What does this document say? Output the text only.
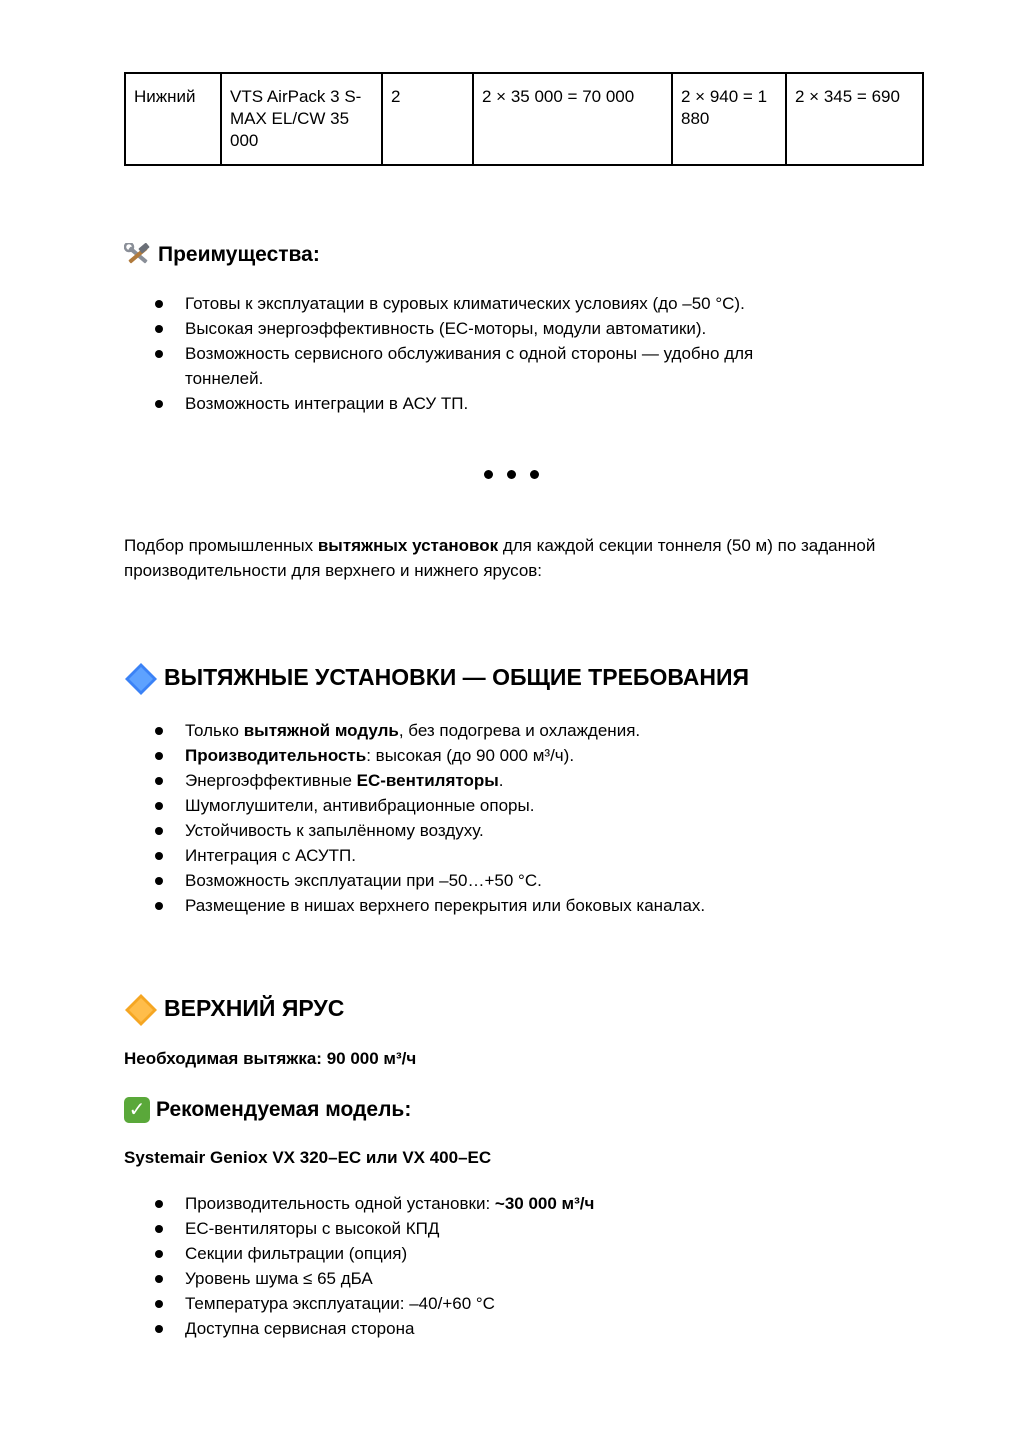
Нижний	VTS AirPack 3 S-MAX EL/CW 35 000	2	2 × 35 000 = 70 000	2 × 940 = 1 880	2 × 345 = 690
Преимущества:
Готовы к эксплуатации в суровых климатических условиях (до –50 °C).
Высокая энергоэффективность (EC-моторы, модули автоматики).
Возможность сервисного обслуживания с одной стороны — удобно для тоннелей.
Возможность интеграции в АСУ ТП.
Подбор промышленных вытяжных установок для каждой секции тоннеля (50 м) по заданной производительности для верхнего и нижнего ярусов:
ВЫТЯЖНЫЕ УСТАНОВКИ — ОБЩИЕ ТРЕБОВАНИЯ
Только вытяжной модуль, без подогрева и охлаждения.
Производительность: высокая (до 90 000 м³/ч).
Энергоэффективные EC-вентиляторы.
Шумоглушители, антивибрационные опоры.
Устойчивость к запылённому воздуху.
Интеграция с АСУТП.
Возможность эксплуатации при –50…+50 °C.
Размещение в нишах верхнего перекрытия или боковых каналах.
ВЕРХНИЙ ЯРУС
Необходимая вытяжка: 90 000 м³/ч
✓ Рекомендуемая модель:
Systemair Geniox VX 320–EC или VX 400–EC
Производительность одной установки: ~30 000 м³/ч
EC-вентиляторы с высокой КПД
Секции фильтрации (опция)
Уровень шума ≤ 65 дБА
Температура эксплуатации: –40/+60 °C
Доступна сервисная сторона
